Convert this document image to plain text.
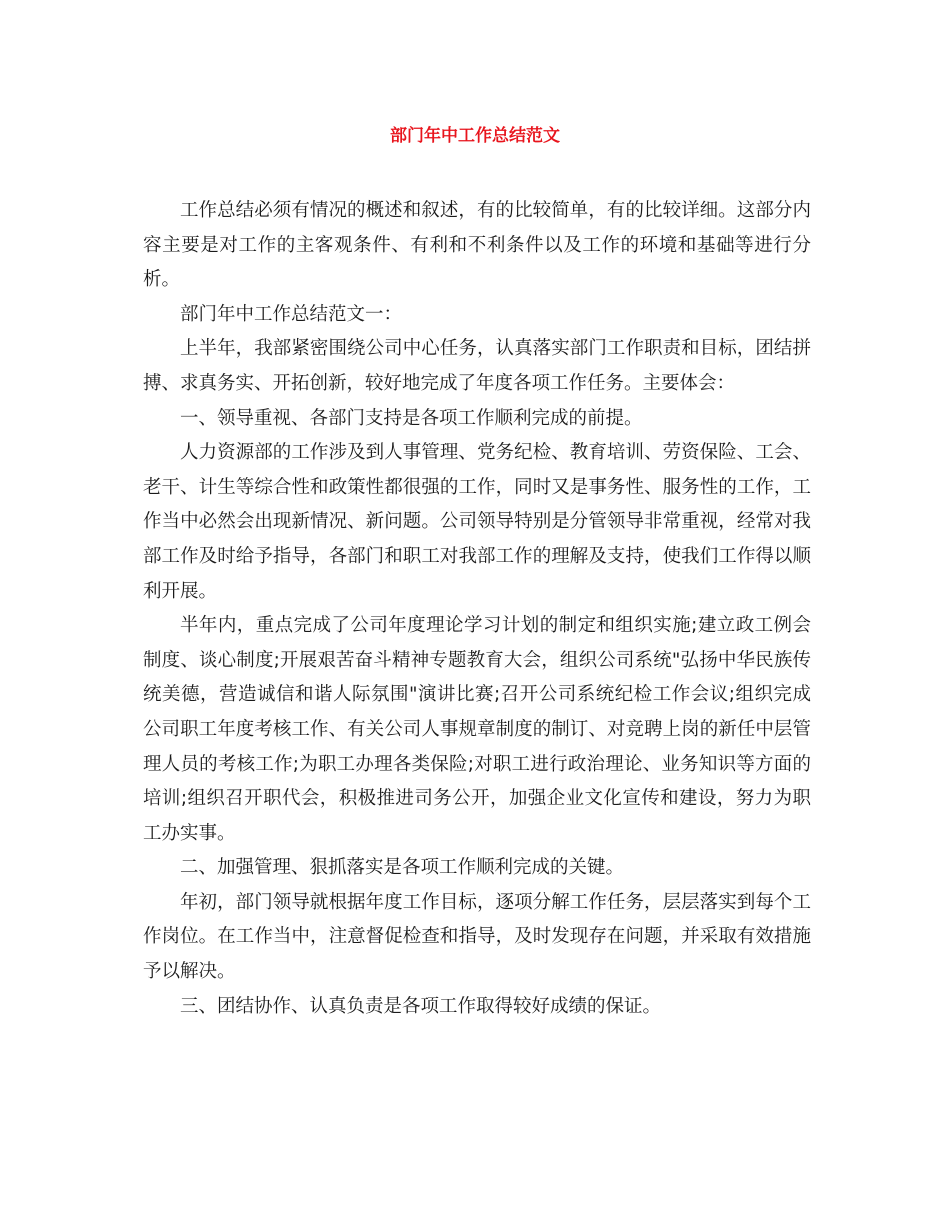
部门年中工作总结范文

工作总结必须有情况的概述和叙述，有的比较简单，有的比较详细。这部分内容主要是对工作的主客观条件、有利和不利条件以及工作的环境和基础等进行分析。

部门年中工作总结范文一：

上半年，我部紧密围绕公司中心任务，认真落实部门工作职责和目标，团结拼搏、求真务实、开拓创新，较好地完成了年度各项工作任务。主要体会：

一、领导重视、各部门支持是各项工作顺利完成的前提。

人力资源部的工作涉及到人事管理、党务纪检、教育培训、劳资保险、工会、老干、计生等综合性和政策性都很强的工作，同时又是事务性、服务性的工作，工作当中必然会出现新情况、新问题。公司领导特别是分管领导非常重视，经常对我部工作及时给予指导，各部门和职工对我部工作的理解及支持，使我们工作得以顺利开展。

半年内，重点完成了公司年度理论学习计划的制定和组织实施;建立政工例会制度、谈心制度;开展艰苦奋斗精神专题教育大会，组织公司系统"弘扬中华民族传统美德，营造诚信和谐人际氛围"演讲比赛;召开公司系统纪检工作会议;组织完成公司职工年度考核工作、有关公司人事规章制度的制订、对竞聘上岗的新任中层管理人员的考核工作;为职工办理各类保险;对职工进行政治理论、业务知识等方面的培训;组织召开职代会，积极推进司务公开，加强企业文化宣传和建设，努力为职工办实事。

二、加强管理、狠抓落实是各项工作顺利完成的关键。

年初，部门领导就根据年度工作目标，逐项分解工作任务，层层落实到每个工作岗位。在工作当中，注意督促检查和指导，及时发现存在问题，并采取有效措施予以解决。

三、团结协作、认真负责是各项工作取得较好成绩的保证。
